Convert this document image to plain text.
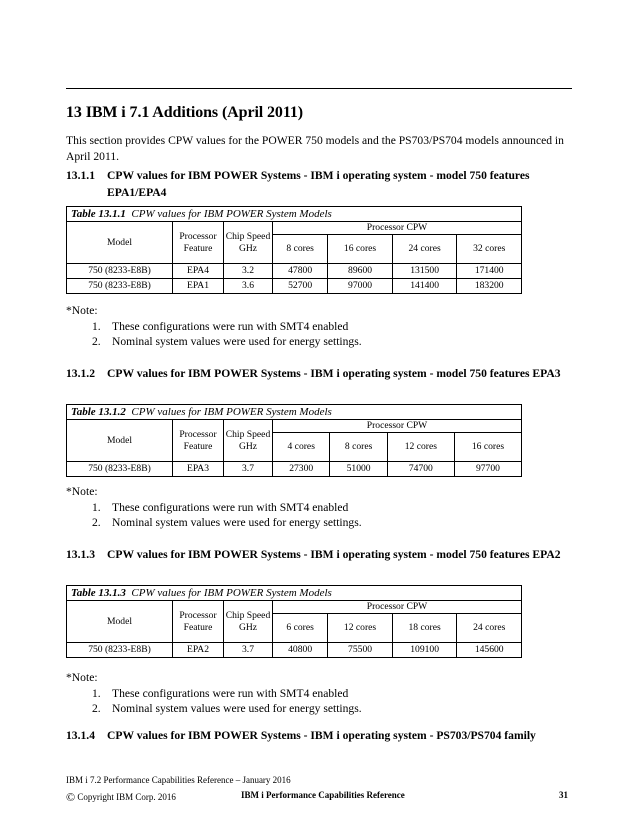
13 IBM i 7.1 Additions (April 2011)
This section provides CPW values for the POWER 750 models and the PS703/PS704 models announced in April 2011.
13.1.1 CPW values for IBM POWER Systems - IBM i operating system - model 750 features EPA1/EPA4
Table 13.1.1 CPW values for IBM POWER System Models						
Model	Processor Feature	Chip Speed GHz	Processor CPW			
			8 cores	16 cores	24 cores	32 cores
750 (8233-E8B)	EPA4	3.2	47800	89600	131500	171400
750 (8233-E8B)	EPA1	3.6	52700	97000	141400	183200
*Note:
1. These configurations were run with SMT4 enabled
2. Nominal system values were used for energy settings.
13.1.2 CPW values for IBM POWER Systems - IBM i operating system - model 750 features EPA3
Table 13.1.2 CPW values for IBM POWER System Models						
Model	Processor Feature	Chip Speed GHz	Processor CPW			
			4 cores	8 cores	12 cores	16 cores
750 (8233-E8B)	EPA3	3.7	27300	51000	74700	97700
*Note:
1. These configurations were run with SMT4 enabled
2. Nominal system values were used for energy settings.
13.1.3 CPW values for IBM POWER Systems - IBM i operating system - model 750 features EPA2
Table 13.1.3 CPW values for IBM POWER System Models						
Model	Processor Feature	Chip Speed GHz	Processor CPW			
			6 cores	12 cores	18 cores	24 cores
750 (8233-E8B)	EPA2	3.7	40800	75500	109100	145600
*Note:
1. These configurations were run with SMT4 enabled
2. Nominal system values were used for energy settings.
13.1.4 CPW values for IBM POWER Systems - IBM i operating system - PS703/PS704 family
IBM i 7.2 Performance Capabilities Reference – January 2016
© Copyright IBM Corp. 2016	IBM i Performance Capabilities Reference	31
